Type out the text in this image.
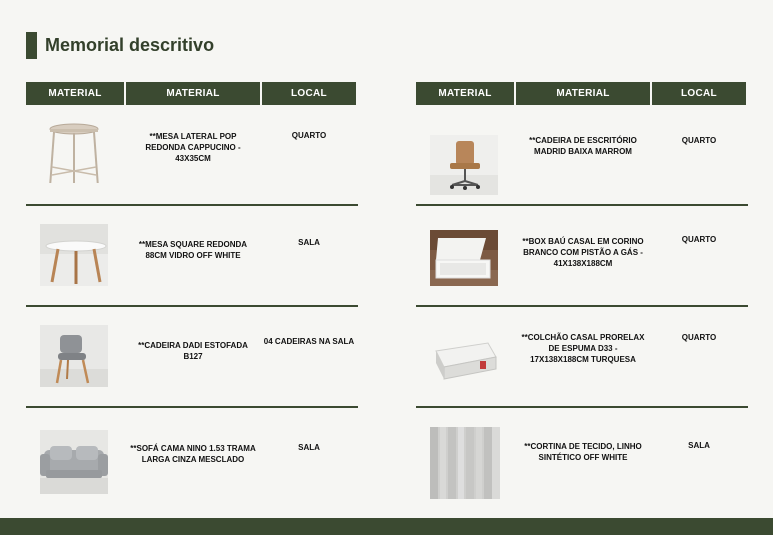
Memorial descritivo
MATERIAL	MATERIAL	LOCAL
**MESA LATERAL POP REDONDA CAPPUCINO - 43X35CM
QUARTO
**MESA SQUARE REDONDA 88CM VIDRO OFF WHITE
SALA
**CADEIRA DADI ESTOFADA B127
04 CADEIRAS NA SALA
**SOFÁ CAMA NINO 1.53 TRAMA LARGA CINZA MESCLADO
SALA
MATERIAL	MATERIAL	LOCAL
**CADEIRA DE ESCRITÓRIO MADRID BAIXA MARROM
QUARTO
**BOX BAÚ CASAL EM CORINO BRANCO COM PISTÃO A GÁS - 41X138X188CM
QUARTO
**COLCHÃO CASAL PRORELAX DE ESPUMA D33 - 17X138X188CM TURQUESA
QUARTO
**CORTINA DE TECIDO, LINHO SINTÉTICO OFF WHITE
SALA
